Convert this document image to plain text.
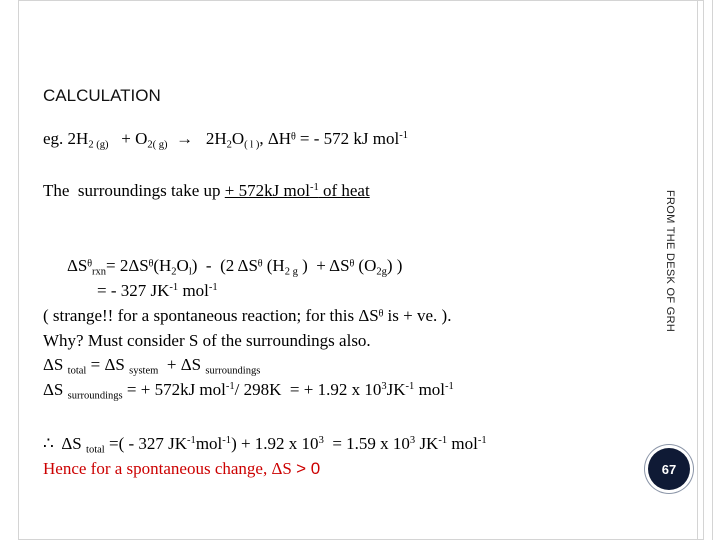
CALCULATION
eg. $2H_{2 (g)} + O_{2( g)} \to 2H_2O_{( l )}$, ΔHᶿ = - 572 kJ mol$^{-1}$
The  surroundings take up + 572kJ mol$^{-1}$ of heat
ΔSᶿ$_{rxn}$= $2\Delta Sᶿ(H_2O_l) - (2$ ΔSᶿ ($H_{2 g}$ )  + ΔSᶿ $(O_{2g})$ )
= - 327 $JK^{-1}$ mol$^{-1}$
( strange!! for a spontaneous reaction; for this ΔSᶿ is + ve. ).
Why? Must consider S of the surroundings also.
ΔS $_{total}$ = ΔS $_{system}$  + ΔS $_{surroundings}$
ΔS $_{surroundings}$ = + 572kJ mol$^{-1}$/ 298K  = + 1.92 x $10^3JK^{-1}$ mol$^{-1}$
∴  ΔS $_{total}$ =( - 327 $JK^{-1}mol^{-1}) + 1.92$ x $10^3 = 1.59$ x $10^3$ $JK^{-1}$ mol$^{-1}$
Hence for a spontaneous change, ΔS > 0
FROM THE DESK OF GRH
67
